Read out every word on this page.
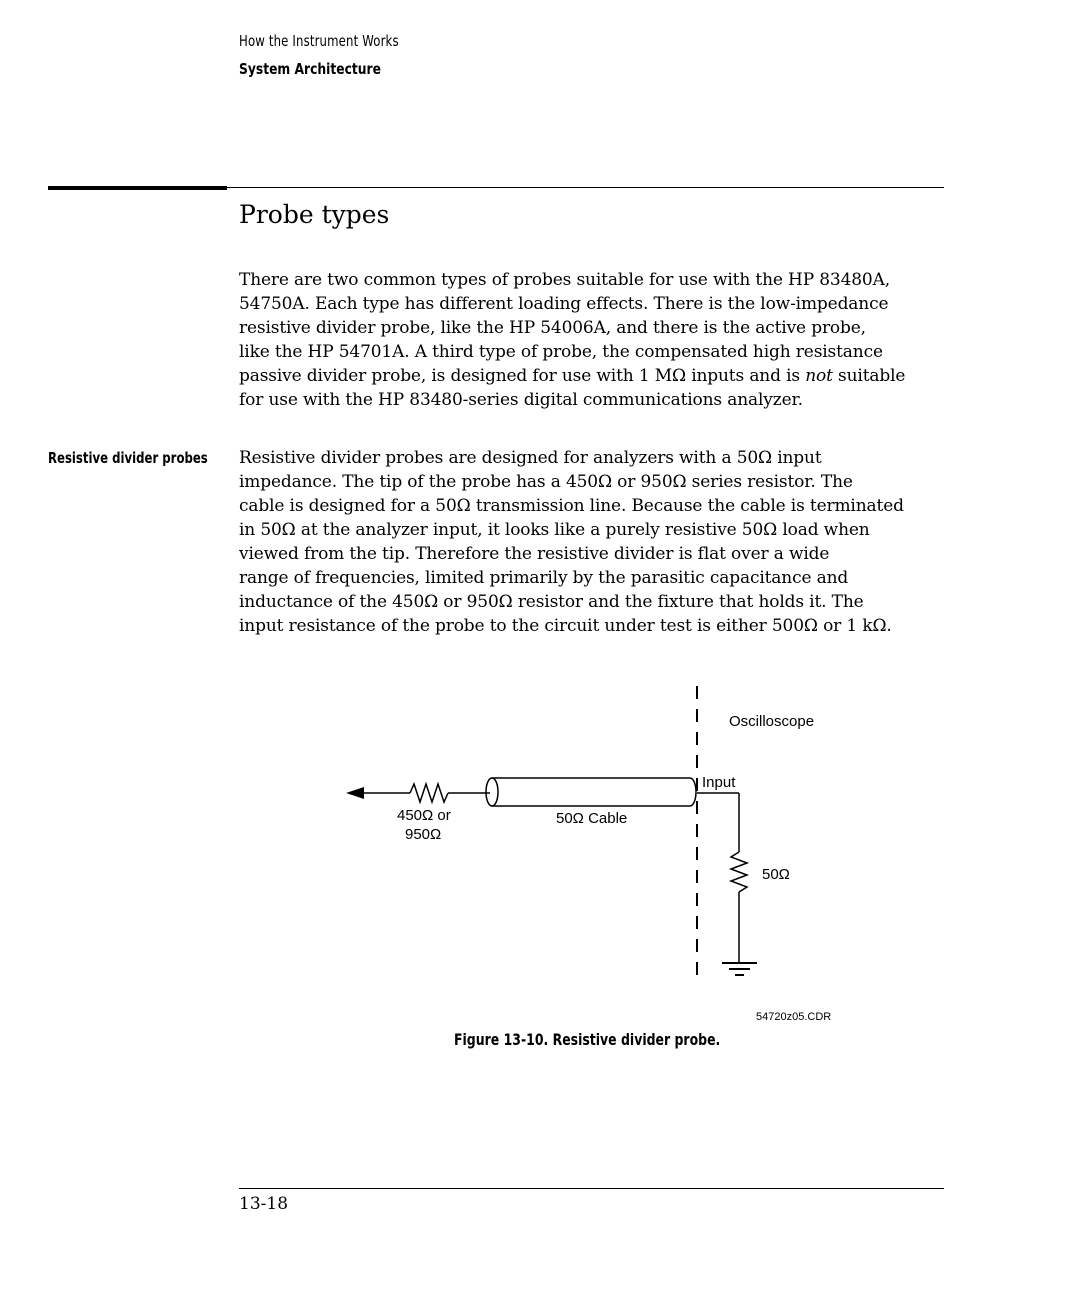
How the Instrument Works
System Architecture
Probe types
There are two common types of probes suitable for use with the HP 83480A,
54750A. Each type has different loading effects. There is the low-impedance
resistive divider probe, like the HP 54006A, and there is the active probe,
like the HP 54701A. A third type of probe, the compensated high resistance
passive divider probe, is designed for use with 1 MΩ inputs and is not suitable
for use with the HP 83480-series digital communications analyzer.
Resistive divider probes Resistive divider probes are designed for analyzers with a 50Ω input
impedance. The tip of the probe has a 450Ω or 950Ω series resistor. The
cable is designed for a 50Ω transmission line. Because the cable is terminated
in 50Ω at the analyzer input, it looks like a purely resistive 50Ω load when
viewed from the tip. Therefore the resistive divider is flat over a wide
range of frequencies, limited primarily by the parasitic capacitance and
inductance of the 450Ω or 950Ω resistor and the fixture that holds it. The
input resistance of the probe to the circuit under test is either 500Ω or 1 kΩ.
Oscilloscope
Input
450Ω or
950Ω
50Ω Cable
50Ω
54720z05.CDR
Figure 13-10. Resistive divider probe.
13-18
